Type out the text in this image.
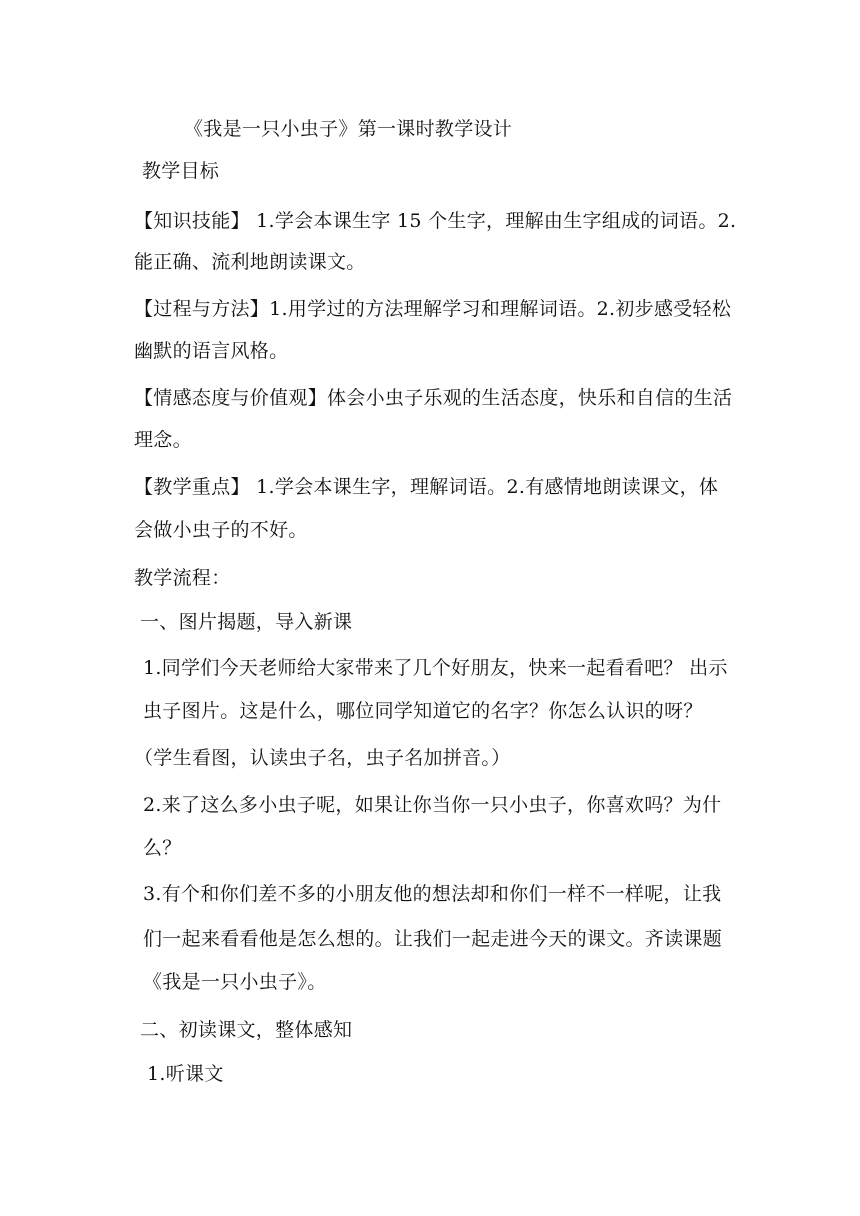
《我是一只小虫子》第一课时教学设计
教学目标
【知识技能】 1.学会本课生字 15 个生字，理解由生字组成的词语。2.
能正确、流利地朗读课文。
【过程与方法】1.用学过的方法理解学习和理解词语。2.初步感受轻松
幽默的语言风格。
【情感态度与价值观】体会小虫子乐观的生活态度，快乐和自信的生活
理念。
【教学重点】 1.学会本课生字，理解词语。2.有感情地朗读课文，体
会做小虫子的不好。
教学流程：
一、图片揭题，导入新课
1.同学们今天老师给大家带来了几个好朋友，快来一起看看吧？ 出示
虫子图片。这是什么，哪位同学知道它的名字？你怎么认识的呀？
（学生看图，认读虫子名，虫子名加拼音。）
2.来了这么多小虫子呢，如果让你当你一只小虫子，你喜欢吗？为什
么？
3.有个和你们差不多的小朋友他的想法却和你们一样不一样呢，让我
们一起来看看他是怎么想的。让我们一起走进今天的课文。齐读课题
《我是一只小虫子》。
二、初读课文，整体感知
1.听课文
